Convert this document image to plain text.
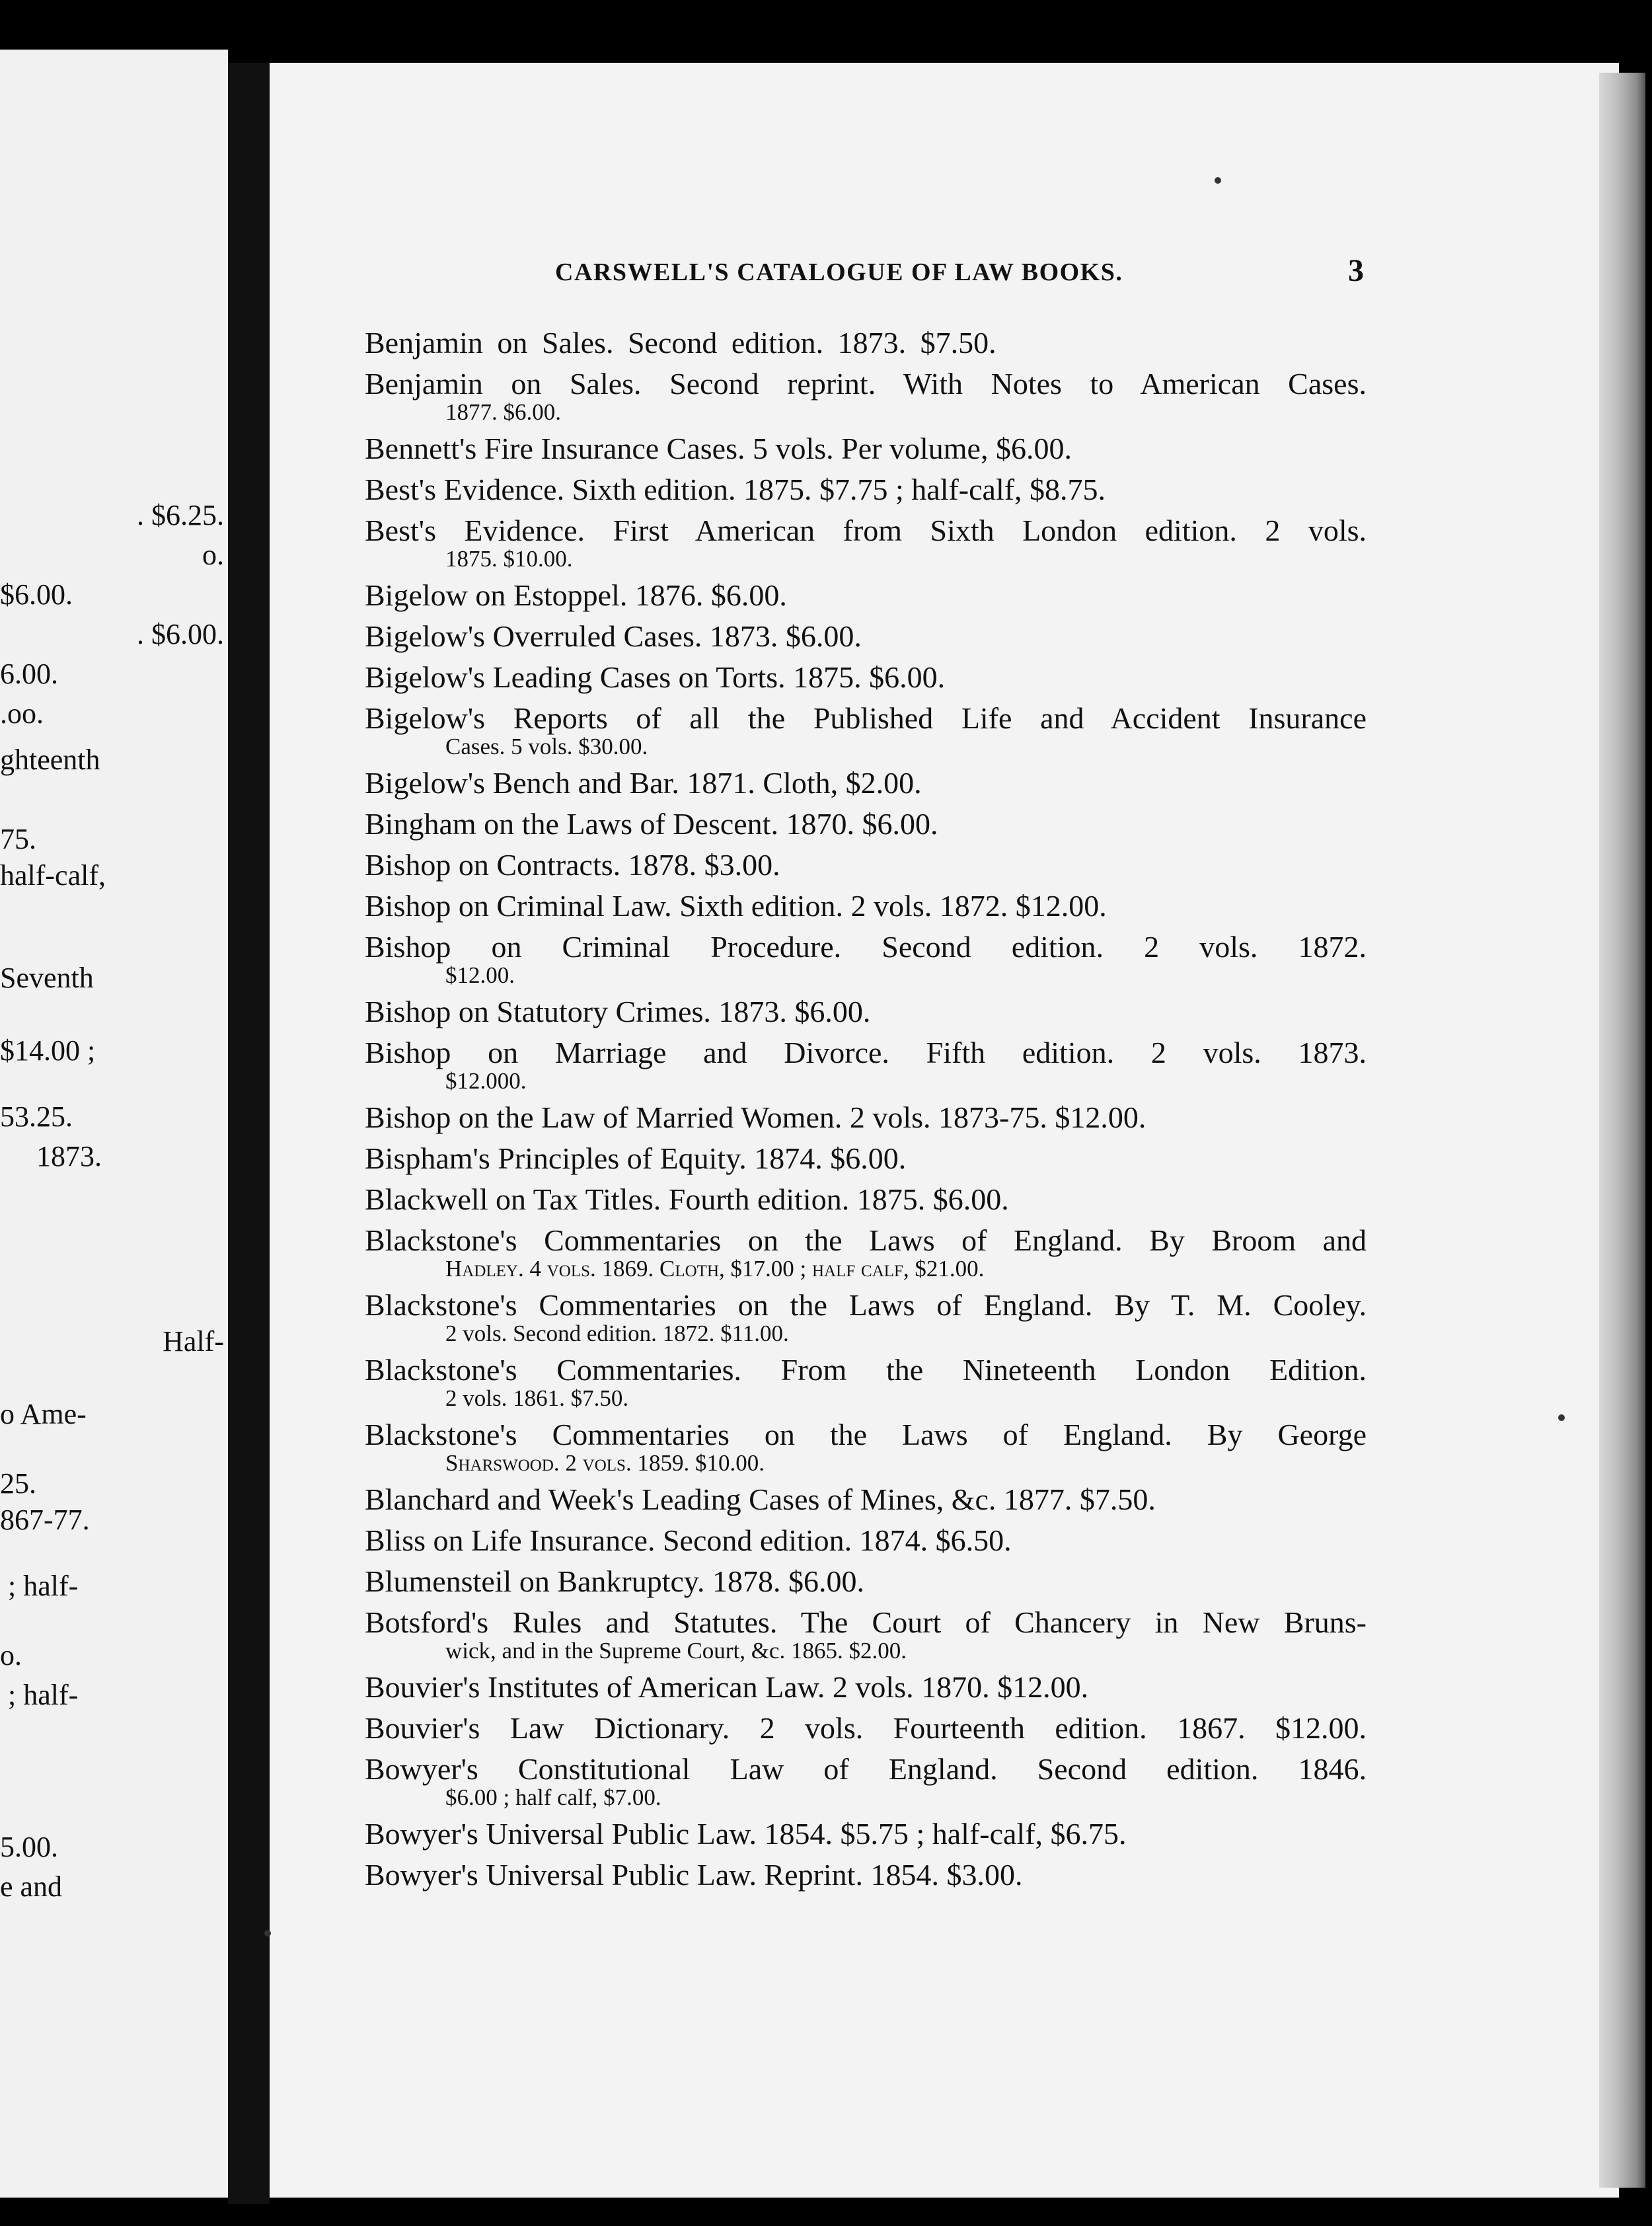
. $6.25.
o.
$6.00.
. $6.00.
6.00.
.oo.
ghteenth
75.
half-calf,
Seventh
$14.00 ;
53.25.
1873.
Half-
o Ame-
25.
867-77.
; half-
o.
; half-
5.00.
e and
CARSWELL'S CATALOGUE OF LAW BOOKS.	3
Benjamin on Sales. Second edition. 1873. $7.50.
Benjamin on Sales. Second reprint. With Notes to American Cases.
1877. $6.00.
Bennett's Fire Insurance Cases. 5 vols. Per volume, $6.00.
Best's Evidence. Sixth edition. 1875. $7.75 ; half-calf, $8.75.
Best's Evidence. First American from Sixth London edition. 2 vols.
1875. $10.00.
Bigelow on Estoppel. 1876. $6.00.
Bigelow's Overruled Cases. 1873. $6.00.
Bigelow's Leading Cases on Torts. 1875. $6.00.
Bigelow's Reports of all the Published Life and Accident Insurance
Cases. 5 vols. $30.00.
Bigelow's Bench and Bar. 1871. Cloth, $2.00.
Bingham on the Laws of Descent. 1870. $6.00.
Bishop on Contracts. 1878. $3.00.
Bishop on Criminal Law. Sixth edition. 2 vols. 1872. $12.00.
Bishop on Criminal Procedure. Second edition. 2 vols. 1872.
$12.00.
Bishop on Statutory Crimes. 1873. $6.00.
Bishop on Marriage and Divorce. Fifth edition. 2 vols. 1873.
$12.000.
Bishop on the Law of Married Women. 2 vols. 1873-75. $12.00.
Bispham's Principles of Equity. 1874. $6.00.
Blackwell on Tax Titles. Fourth edition. 1875. $6.00.
Blackstone's Commentaries on the Laws of England. By Broom and
Hadley. 4 vols. 1869. Cloth, $17.00 ; half calf, $21.00.
Blackstone's Commentaries on the Laws of England. By T. M. Cooley.
2 vols. Second edition. 1872. $11.00.
Blackstone's Commentaries. From the Nineteenth London Edition.
2 vols. 1861. $7.50.
Blackstone's Commentaries on the Laws of England. By George
Sharswood. 2 vols. 1859. $10.00.
Blanchard and Week's Leading Cases of Mines, &c. 1877. $7.50.
Bliss on Life Insurance. Second edition. 1874. $6.50.
Blumensteil on Bankruptcy. 1878. $6.00.
Botsford's Rules and Statutes. The Court of Chancery in New Bruns-
wick, and in the Supreme Court, &c. 1865. $2.00.
Bouvier's Institutes of American Law. 2 vols. 1870. $12.00.
Bouvier's Law Dictionary. 2 vols. Fourteenth edition. 1867. $12.00.
Bowyer's Constitutional Law of England. Second edition. 1846.
$6.00 ; half calf, $7.00.
Bowyer's Universal Public Law. 1854. $5.75 ; half-calf, $6.75.
Bowyer's Universal Public Law. Reprint. 1854. $3.00.
